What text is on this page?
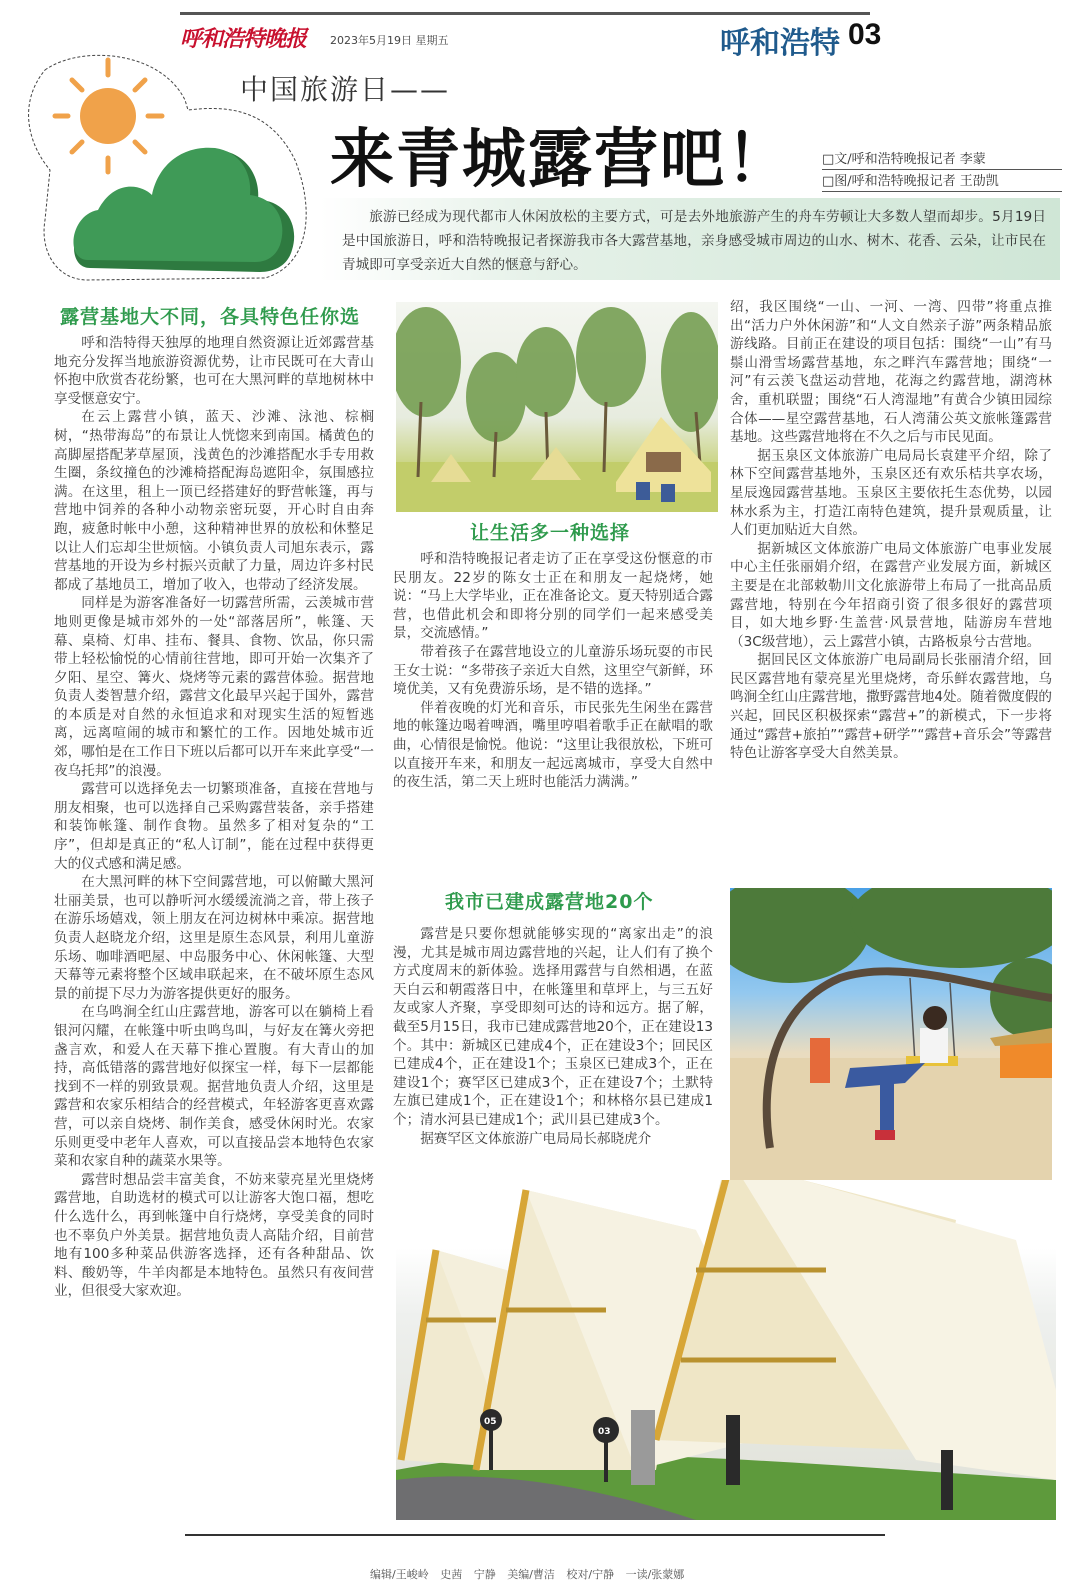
呼和浩特晚报 2023年5月19日 星期五	呼和浩特 03
中国旅游日——
来青城露营吧！ □文/呼和浩特晚报记者 李蒙
□图/呼和浩特晚报记者 王劭凯
旅游已经成为现代都市人休闲放松的主要方式，可是去外地旅游产生的舟车劳顿让大多数人望而却步。5月19日是中国旅游日，呼和浩特晚报记者探游我市各大露营基地，亲身感受城市周边的山水、树木、花香、云朵，让市民在青城即可享受亲近大自然的惬意与舒心。
露营基地大不同，各具特色任你选

呼和浩特得天独厚的地理自然资源让近郊露营基地充分发挥当地旅游资源优势，让市民既可在大青山怀抱中欣赏杏花纷繁，也可在大黑河畔的草地树林中享受惬意安宁。

在云上露营小镇，蓝天、沙滩、泳池、棕榈树，“热带海岛”的布景让人恍惚来到南国。橘黄色的高脚屋搭配茅草屋顶，浅黄色的沙滩搭配水手专用救生圈，条纹撞色的沙滩椅搭配海岛遮阳伞，氛围感拉满。在这里，租上一顶已经搭建好的野营帐篷，再与营地中饲养的各种小动物亲密玩耍，开心时自由奔跑，疲惫时帐中小憩，这种精神世界的放松和休整足以让人们忘却尘世烦恼。小镇负责人司旭东表示，露营基地的开设为乡村振兴贡献了力量，周边许多村民都成了基地员工，增加了收入，也带动了经济发展。

同样是为游客准备好一切露营所需，云羡城市营地则更像是城市郊外的一处“部落居所”，帐篷、天幕、桌椅、灯串、挂布、餐具、食物、饮品，你只需带上轻松愉悦的心情前往营地，即可开始一次集齐了夕阳、星空、篝火、烧烤等元素的露营体验。据营地负责人娄智慧介绍，露营文化最早兴起于国外，露营的本质是对自然的永恒追求和对现实生活的短暂逃离，远离喧闹的城市和繁忙的工作。因地处城市近郊，哪怕是在工作日下班以后都可以开车来此享受“一夜乌托邦”的浪漫。

露营可以选择免去一切繁琐准备，直接在营地与朋友相聚，也可以选择自己采购露营装备，亲手搭建和装饰帐篷、制作食物。虽然多了相对复杂的“工序”，但却是真正的“私人订制”，能在过程中获得更大的仪式感和满足感。

在大黑河畔的林下空间露营地，可以俯瞰大黑河壮丽美景，也可以静听河水缓缓流淌之音，带上孩子在游乐场嬉戏，领上朋友在河边树林中乘凉。据营地负责人赵晓龙介绍，这里是原生态风景，利用儿童游乐场、咖啡酒吧屋、中岛服务中心、休闲帐篷、大型天幕等元素将整个区域串联起来，在不破坏原生态风景的前提下尽力为游客提供更好的服务。

在乌鸣涧全红山庄露营地，游客可以在躺椅上看银河闪耀，在帐篷中听虫鸣鸟叫，与好友在篝火旁把盏言欢，和爱人在天幕下推心置腹。有大青山的加持，高低错落的露营地好似探宝一样，每下一层都能找到不一样的别致景观。据营地负责人介绍，这里是露营和农家乐相结合的经营模式，年轻游客更喜欢露营，可以亲自烧烤、制作美食，感受休闲时光。农家乐则更受中老年人喜欢，可以直接品尝本地特色农家菜和农家自种的蔬菜水果等。

露营时想品尝丰富美食，不妨来蒙亮星光里烧烤露营地，自助选材的模式可以让游客大饱口福，想吃什么选什么，再到帐篷中自行烧烤，享受美食的同时也不辜负户外美景。据营地负责人高陆介绍，目前营地有100多种菜品供游客选择，还有各种甜品、饮料、酸奶等，牛羊肉都是本地特色。虽然只有夜间营业，但很受大家欢迎。

让生活多一种选择

呼和浩特晚报记者走访了正在享受这份惬意的市民朋友。22岁的陈女士正在和朋友一起烧烤，她说：“马上大学毕业，正在准备论文。夏天特别适合露营，也借此机会和即将分别的同学们一起来感受美景，交流感情。”

带着孩子在露营地设立的儿童游乐场玩耍的市民王女士说：“多带孩子亲近大自然，这里空气新鲜，环境优美，又有免费游乐场，是不错的选择。”

伴着夜晚的灯光和音乐，市民张先生闲坐在露营地的帐篷边喝着啤酒，嘴里哼唱着歌手正在献唱的歌曲，心情很是愉悦。他说：“这里让我很放松，下班可以直接开车来，和朋友一起远离城市，享受大自然中的夜生活，第二天上班时也能活力满满。”

我市已建成露营地20个

露营是只要你想就能够实现的“离家出走”的浪漫，尤其是城市周边露营地的兴起，让人们有了换个方式度周末的新体验。选择用露营与自然相遇，在蓝天白云和朝霞落日中，在帐篷里和草坪上，与三五好友或家人齐聚，享受即刻可达的诗和远方。据了解，截至5月15日，我市已建成露营地20个，正在建设13个。其中：新城区已建成4个，正在建设3个；回民区已建成4个，正在建设1个；玉泉区已建成3个，正在建设1个；赛罕区已建成3个，正在建设7个；土默特左旗已建成1个，正在建设1个；和林格尔县已建成1个；清水河县已建成1个；武川县已建成3个。

据赛罕区文体旅游广电局局长郝晓虎介

绍，我区围绕“一山、一河、一湾、四带”将重点推出“活力户外休闲游”和“人文自然亲子游”两条精品旅游线路。目前正在建设的项目包括：围绕“一山”有马鬃山滑雪场露营基地，东之畔汽车露营地；围绕“一河”有云羡飞盘运动营地，花海之约露营地，湖湾林舍，重机联盟；围绕“石人湾湿地”有黄合少镇田园综合体——星空露营基地，石人湾蒲公英文旅帐篷露营基地。这些露营地将在不久之后与市民见面。

据玉泉区文体旅游广电局局长袁建平介绍，除了林下空间露营基地外，玉泉区还有欢乐桔共享农场，星辰逸园露营基地。玉泉区主要依托生态优势，以园林水系为主，打造江南特色建筑，提升景观质量，让人们更加贴近大自然。

据新城区文体旅游广电局文体旅游广电事业发展中心主任张丽娟介绍，在露营产业发展方面，新城区主要是在北部敕勒川文化旅游带上布局了一批高品质露营地，特别在今年招商引资了很多很好的露营项目，如大地乡野·生盖营·风景营地，陆游房车营地（3C级营地），云上露营小镇，古路板泉兮古营地。

据回民区文体旅游广电局副局长张丽清介绍，回民区露营地有蒙亮星光里烧烤，奇乐鲜农露营地，乌鸣涧全红山庄露营地，撒野露营地4处。随着微度假的兴起，回民区积极探索“露营+”的新模式，下一步将通过“露营+旅拍”“露营+研学”“露营+音乐会”等露营特色让游客享受大自然美景。

05
03
编辑/王峻岭 史茜 宁静 美编/曹洁 校对/宁静 一读/张蒙娜
